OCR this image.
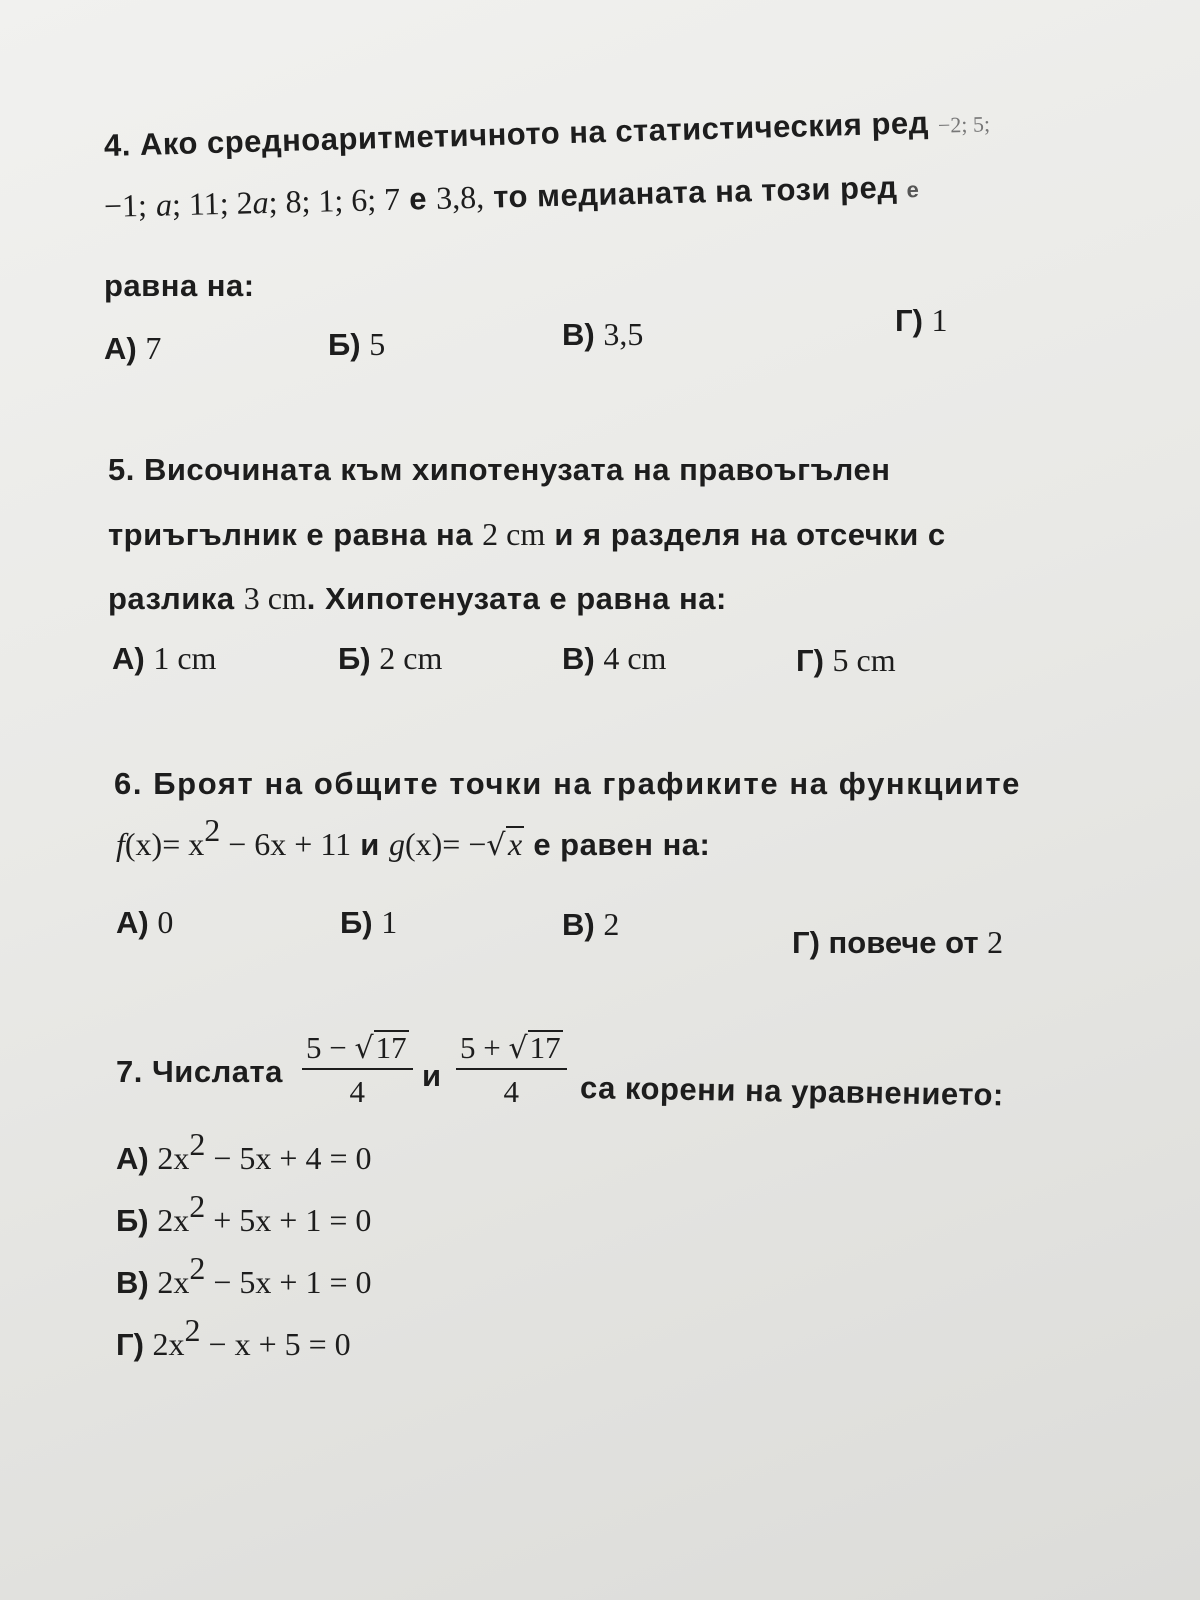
4. Ако средноаритметичното на статистическия ред −2; 5;
−1; a; 11; 2a; 8; 1; 6; 7 е 3,8, то медианата на този ред е
равна на:
А) 7	Б) 5	В) 3,5	Г) 1
5. Височината към хипотенузата на правоъгълен
триъгълник е равна на 2 cm и я разделя на отсечки с
разлика 3 cm. Хипотенузата е равна на:
А) 1 cm	Б) 2 cm	В) 4 cm	Г) 5 cm
6. Броят на общите точки на графиките на функциите
$f(x)= x^2 - 6x + 11$ и g(x)= −√x е равен на:
А) 0	Б) 1	В) 2
Г) повече от 2
7. Числата $\frac{5 - √17}{4}$ и $\frac{5 + √17}{4}$ са корени на уравнението:
А) $2x^2 - 5x + 4 = 0$
Б) $2x^2 + 5x + 1 = 0$
В) $2x^2 - 5x + 1 = 0$
Г) $2x^2 - x + 5 = 0$
